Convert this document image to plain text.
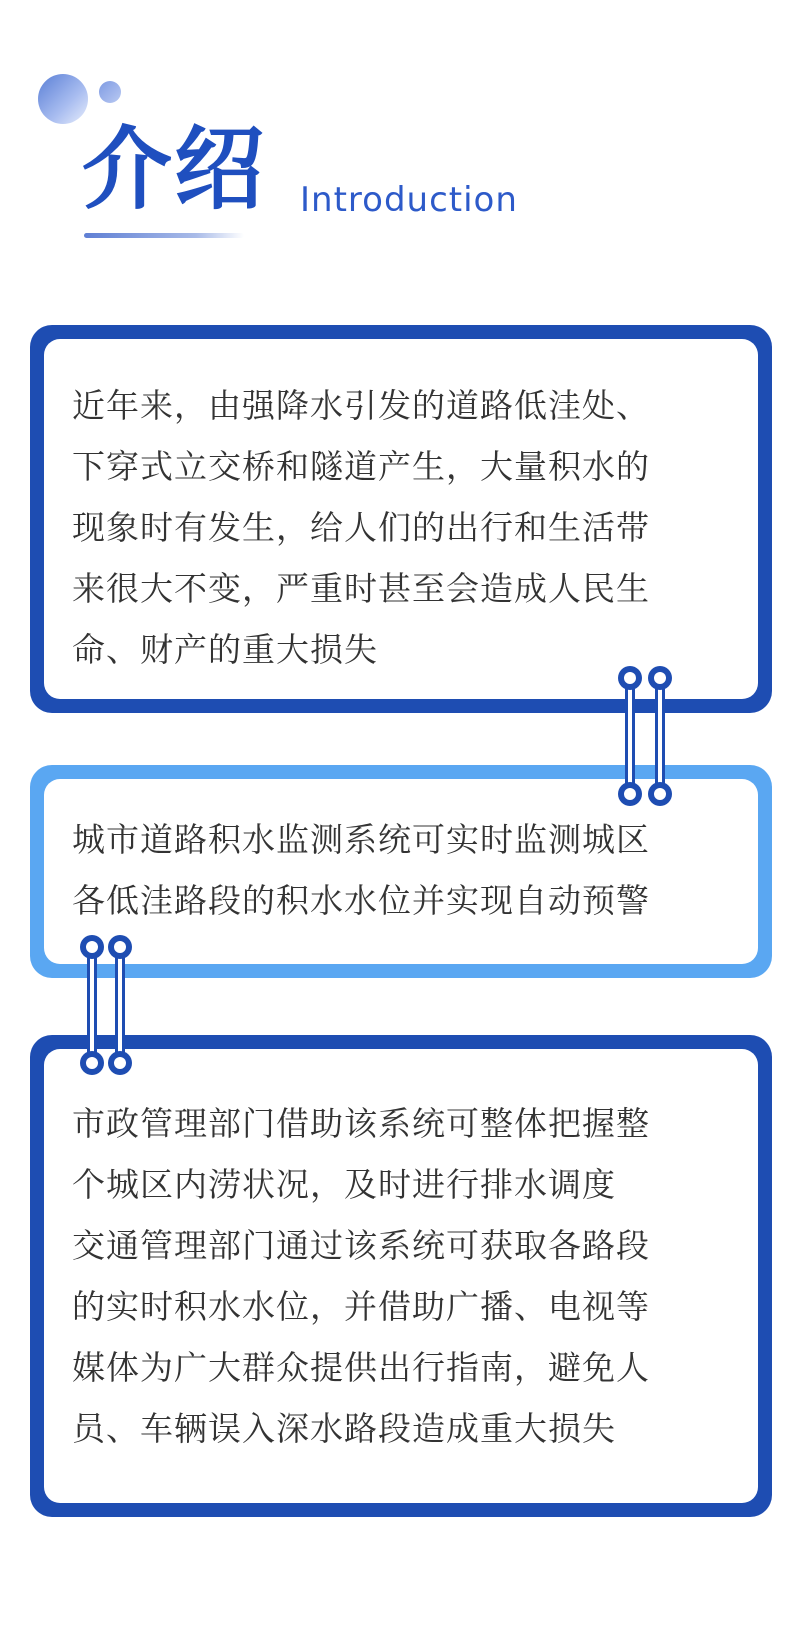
介绍 Introduction

近年来，由强降水引发的道路低洼处、
下穿式立交桥和隧道产生，大量积水的
现象时有发生，给人们的出行和生活带
来很大不变，严重时甚至会造成人民生
命、财产的重大损失

城市道路积水监测系统可实时监测城区
各低洼路段的积水水位并实现自动预警

市政管理部门借助该系统可整体把握整
个城区内涝状况，及时进行排水调度
交通管理部门通过该系统可获取各路段
的实时积水水位，并借助广播、电视等
媒体为广大群众提供出行指南，避免人
员、车辆误入深水路段造成重大损失
